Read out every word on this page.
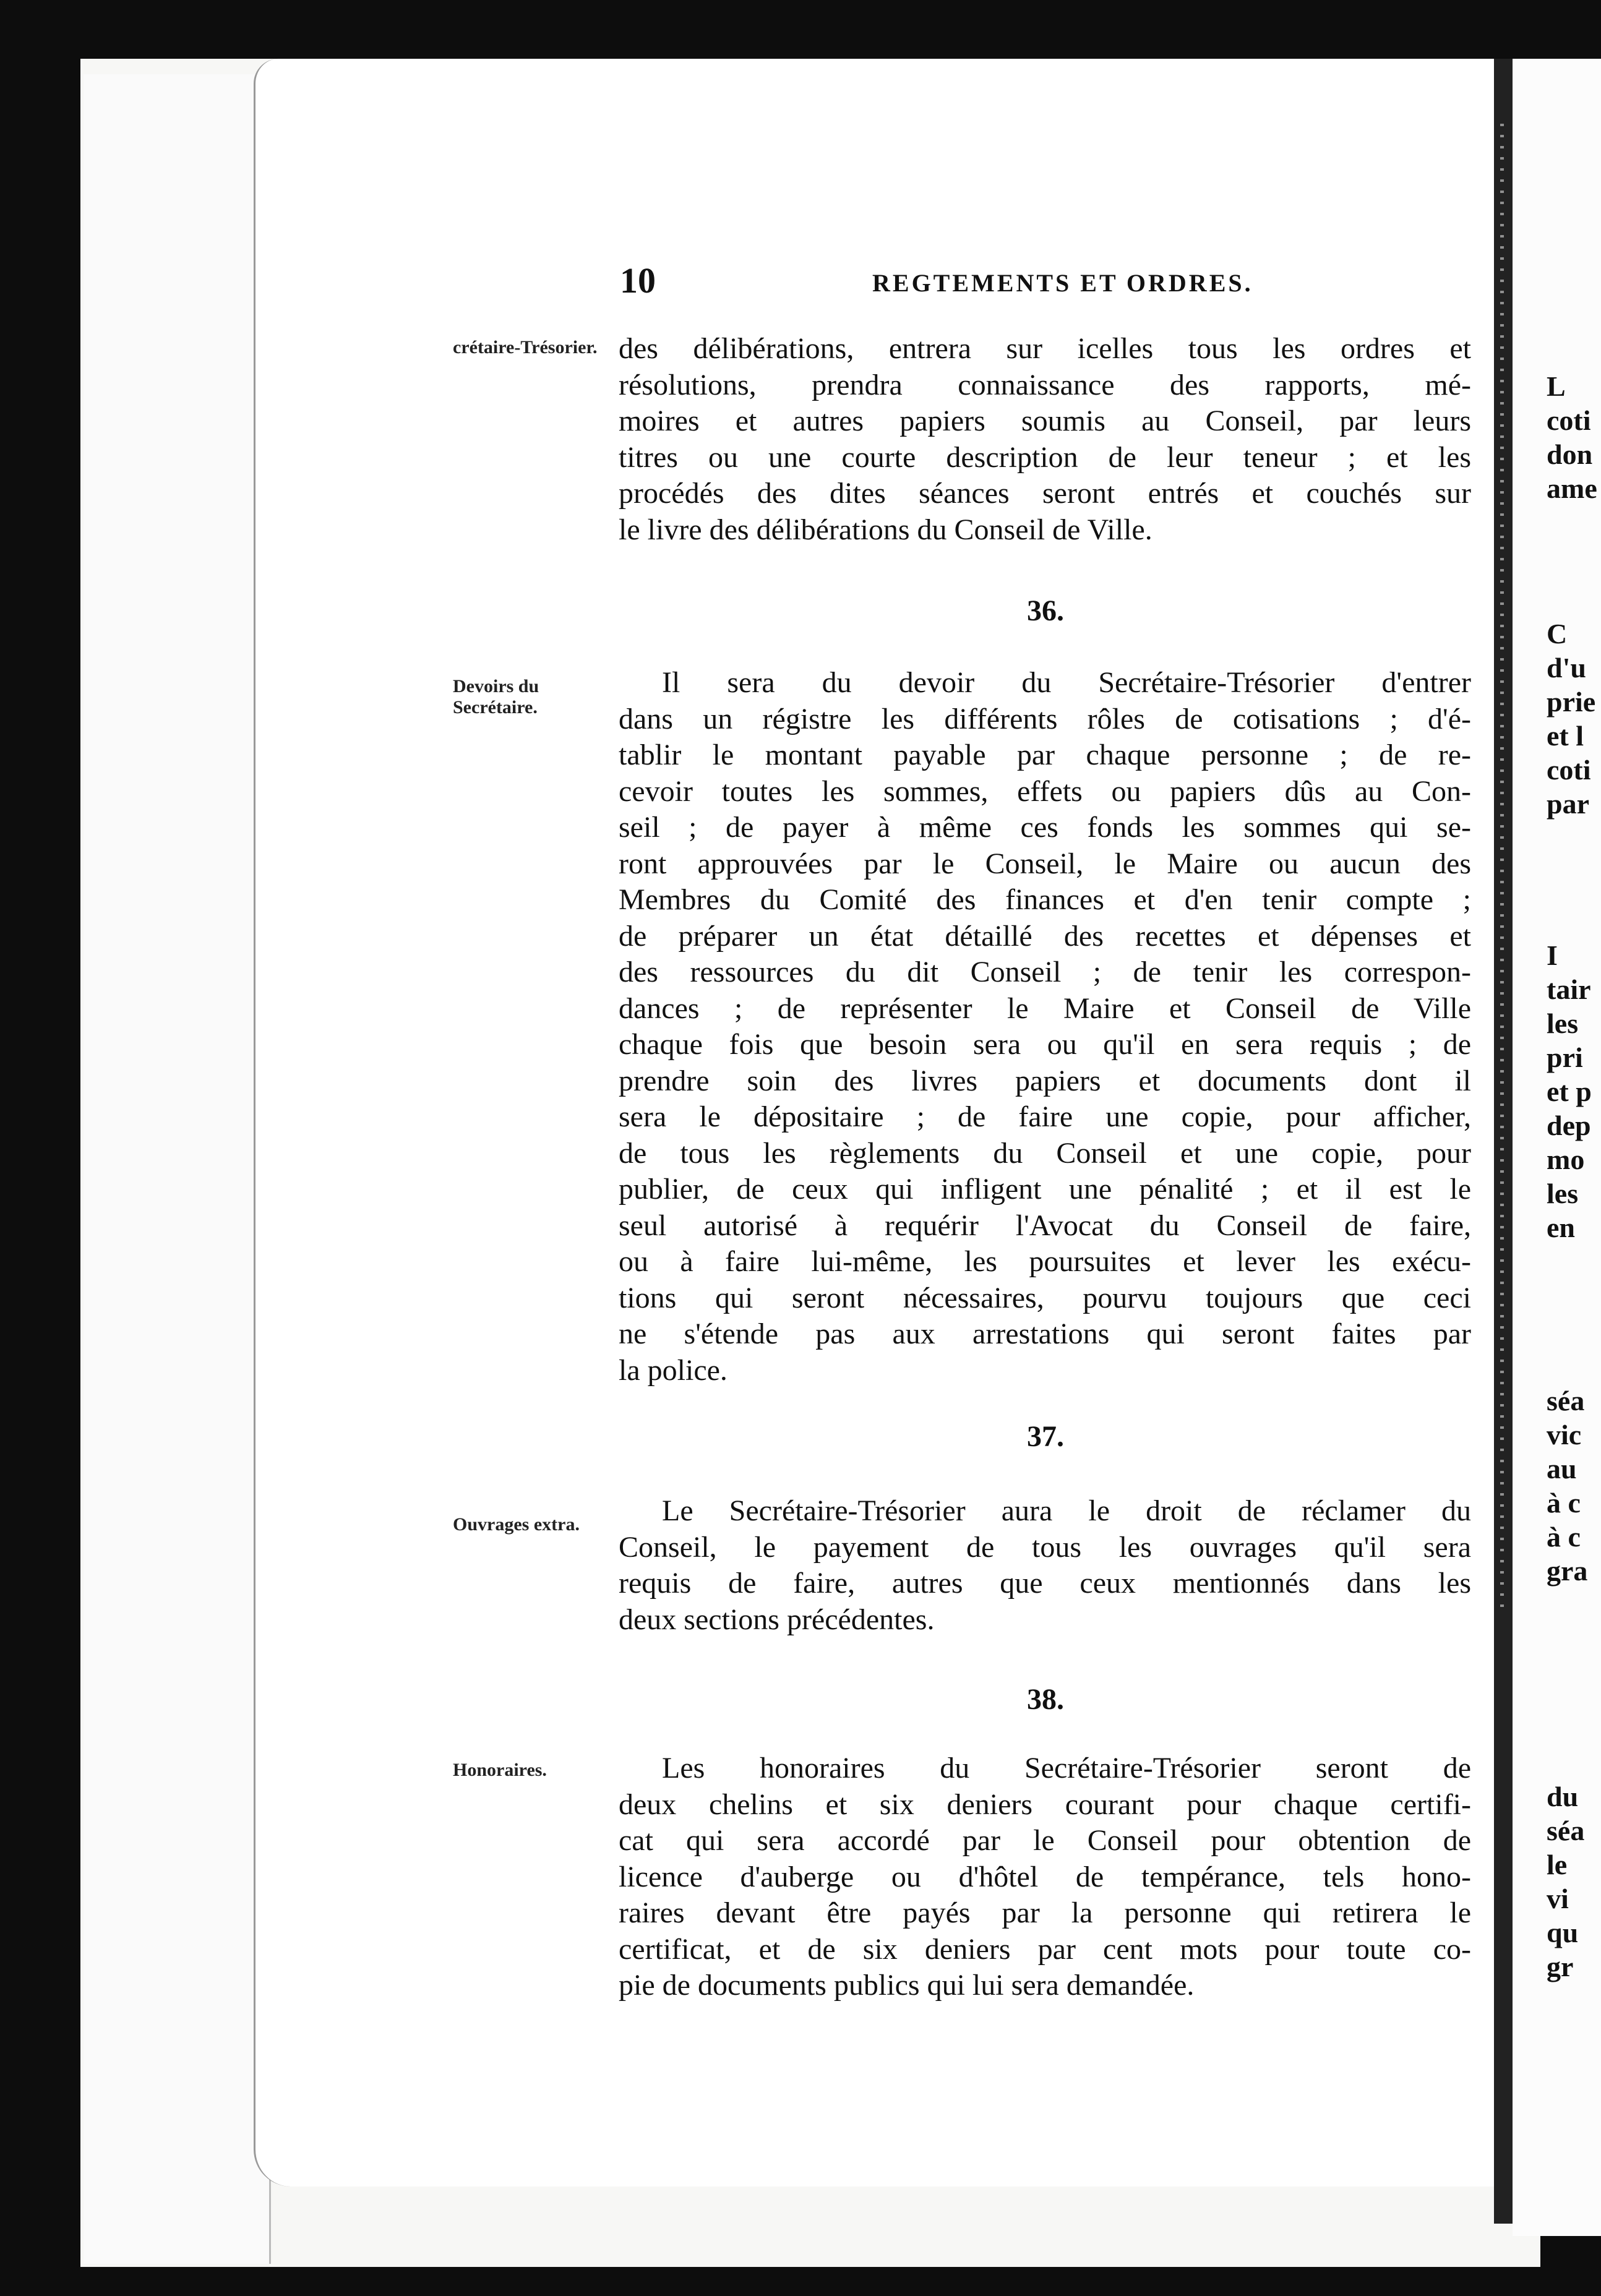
10	REGTEMENTS ET ORDRES.
crétaire-Trésorier. des délibérations, entrera sur icelles tous les ordres et
résolutions, prendra connaissance des rapports, mé-
moires et autres papiers soumis au Conseil, par leurs
titres ou une courte description de leur teneur ; et les
procédés des dites séances seront entrés et couchés sur
le livre des délibérations du Conseil de Ville.
36.
Devoirs du Secrétaire.
Il sera du devoir du Secrétaire-Trésorier d'entrer
dans un régistre les différents rôles de cotisations ; d'é-
tablir le montant payable par chaque personne ; de re-
cevoir toutes les sommes, effets ou papiers dûs au Con-
seil ; de payer à même ces fonds les sommes qui se-
ront approuvées par le Conseil, le Maire ou aucun des
Membres du Comité des finances et d'en tenir compte ;
de préparer un état détaillé des recettes et dépenses et
des ressources du dit Conseil ; de tenir les correspon-
dances ; de représenter le Maire et Conseil de Ville
chaque fois que besoin sera ou qu'il en sera requis ; de
prendre soin des livres papiers et documents dont il
sera le dépositaire ; de faire une copie, pour afficher,
de tous les règlements du Conseil et une copie, pour
publier, de ceux qui infligent une pénalité ; et il est le
seul autorisé à requérir l'Avocat du Conseil de faire,
ou à faire lui-même, les poursuites et lever les exécu-
tions qui seront nécessaires, pourvu toujours que ceci
ne s'étende pas aux arrestations qui seront faites par
la police.
37.
Ouvrages extra.	Le Secrétaire-Trésorier aura le droit de réclamer du
Conseil, le payement de tous les ouvrages qu'il sera
requis de faire, autres que ceux mentionnés dans les
deux sections précédentes.
38.
Honoraires.	Les honoraires du Secrétaire-Trésorier seront de
deux chelins et six deniers courant pour chaque certifi-
cat qui sera accordé par le Conseil pour obtention de
licence d'auberge ou d'hôtel de tempérance, tels hono-
raires devant être payés par la personne qui retirera le
certificat, et de six deniers par cent mots pour toute co-
pie de documents publics qui lui sera demandée.
L
coti
don
ame
C
d'u
prie
et l
coti
par
I
tair
les
pri
et p
dep
mo
les
en
séa
vic
au
à c
à c
gra
du
séa
le
vi
qu
gr
